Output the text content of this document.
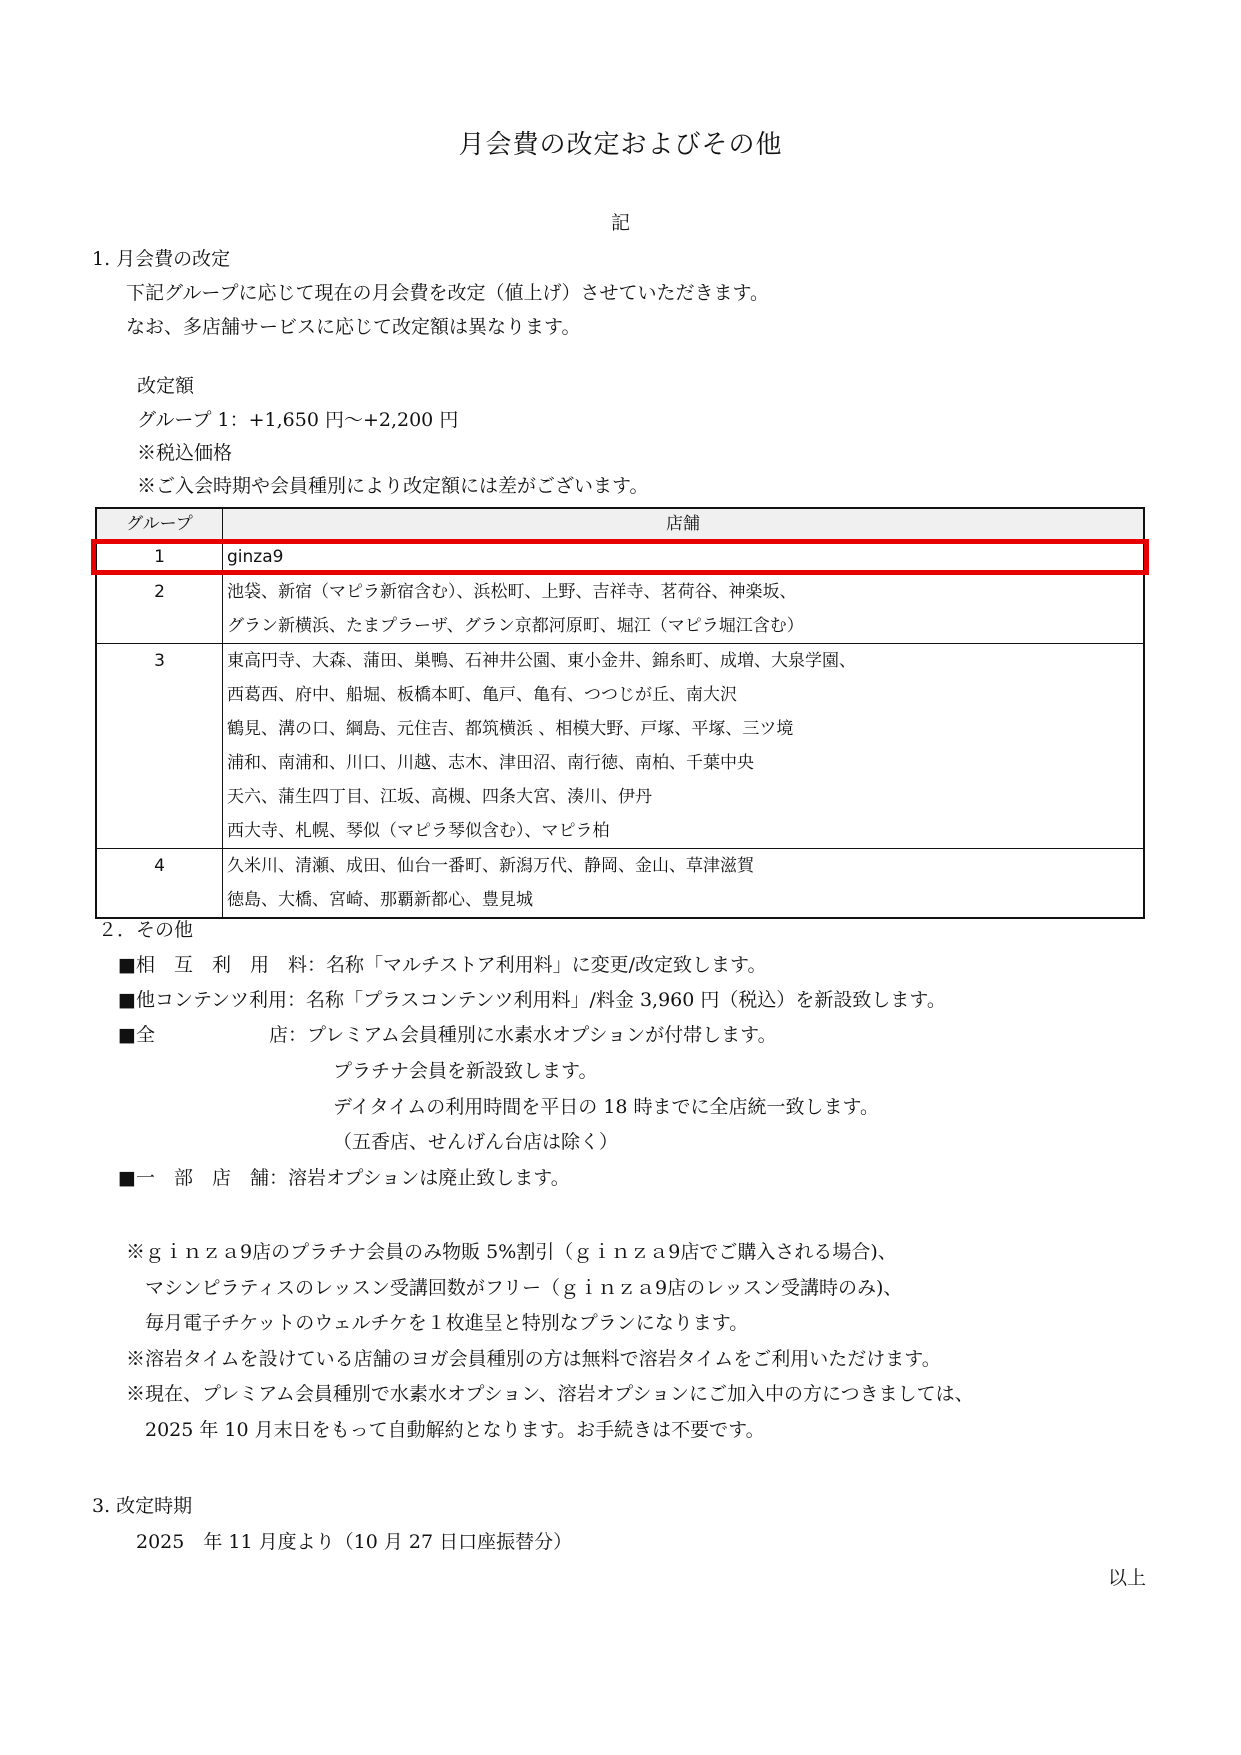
月会費の改定およびその他
記
1. 月会費の改定
下記グループに応じて現在の月会費を改定（値上げ）させていただきます。
なお、多店舗サービスに応じて改定額は異なります。
改定額
グループ 1：+1,650 円～+2,200 円
※税込価格
※ご入会時期や会員種別により改定額には差がございます。
グループ	店舗
1	ginza9
2	池袋、新宿（マピラ新宿含む）、浜松町、上野、吉祥寺、茗荷谷、神楽坂、
グラン新横浜、たまプラーザ、グラン京都河原町、堀江（マピラ堀江含む）
3	東高円寺、大森、蒲田、巣鴨、石神井公園、東小金井、錦糸町、成増、大泉学園、
西葛西、府中、船堀、板橋本町、亀戸、亀有、つつじが丘、南大沢
鶴見、溝の口、綱島、元住吉、都筑横浜 、相模大野、戸塚、平塚、三ツ境
浦和、南浦和、川口、川越、志木、津田沼、南行徳、南柏、千葉中央
天六、蒲生四丁目、江坂、高槻、四条大宮、湊川、伊丹
西大寺、札幌、琴似（マピラ琴似含む）、マピラ柏
4	久米川、清瀬、成田、仙台一番町、新潟万代、静岡、金山、草津滋賀
徳島、大橋、宮崎、那覇新都心、豊見城
２．その他
■相　互　利　用　料：名称「マルチストア利用料」に変更/改定致します。
■他コンテンツ利用：名称「プラスコンテンツ利用料」/料金 3,960 円（税込）を新設致します。
■全　　　　　　店：プレミアム会員種別に水素水オプションが付帯します。
プラチナ会員を新設致します。
デイタイムの利用時間を平日の 18 時までに全店統一致します。
（五香店、せんげん台店は除く）
■一　部　店　舗：溶岩オプションは廃止致します。
※ｇｉｎｚａ9店のプラチナ会員のみ物販 5%割引（ｇｉｎｚａ9店でご購入される場合)、
　マシンピラティスのレッスン受講回数がフリー（ｇｉｎｚａ9店のレッスン受講時のみ)、
　毎月電子チケットのウェルチケを１枚進呈と特別なプランになります。
※溶岩タイムを設けている店舗のヨガ会員種別の方は無料で溶岩タイムをご利用いただけます。
※現在、プレミアム会員種別で水素水オプション、溶岩オプションにご加入中の方につきましては、
　2025 年 10 月末日をもって自動解約となります。お手続きは不要です。
3. 改定時期
2025　年 11 月度より（10 月 27 日口座振替分）
以上
